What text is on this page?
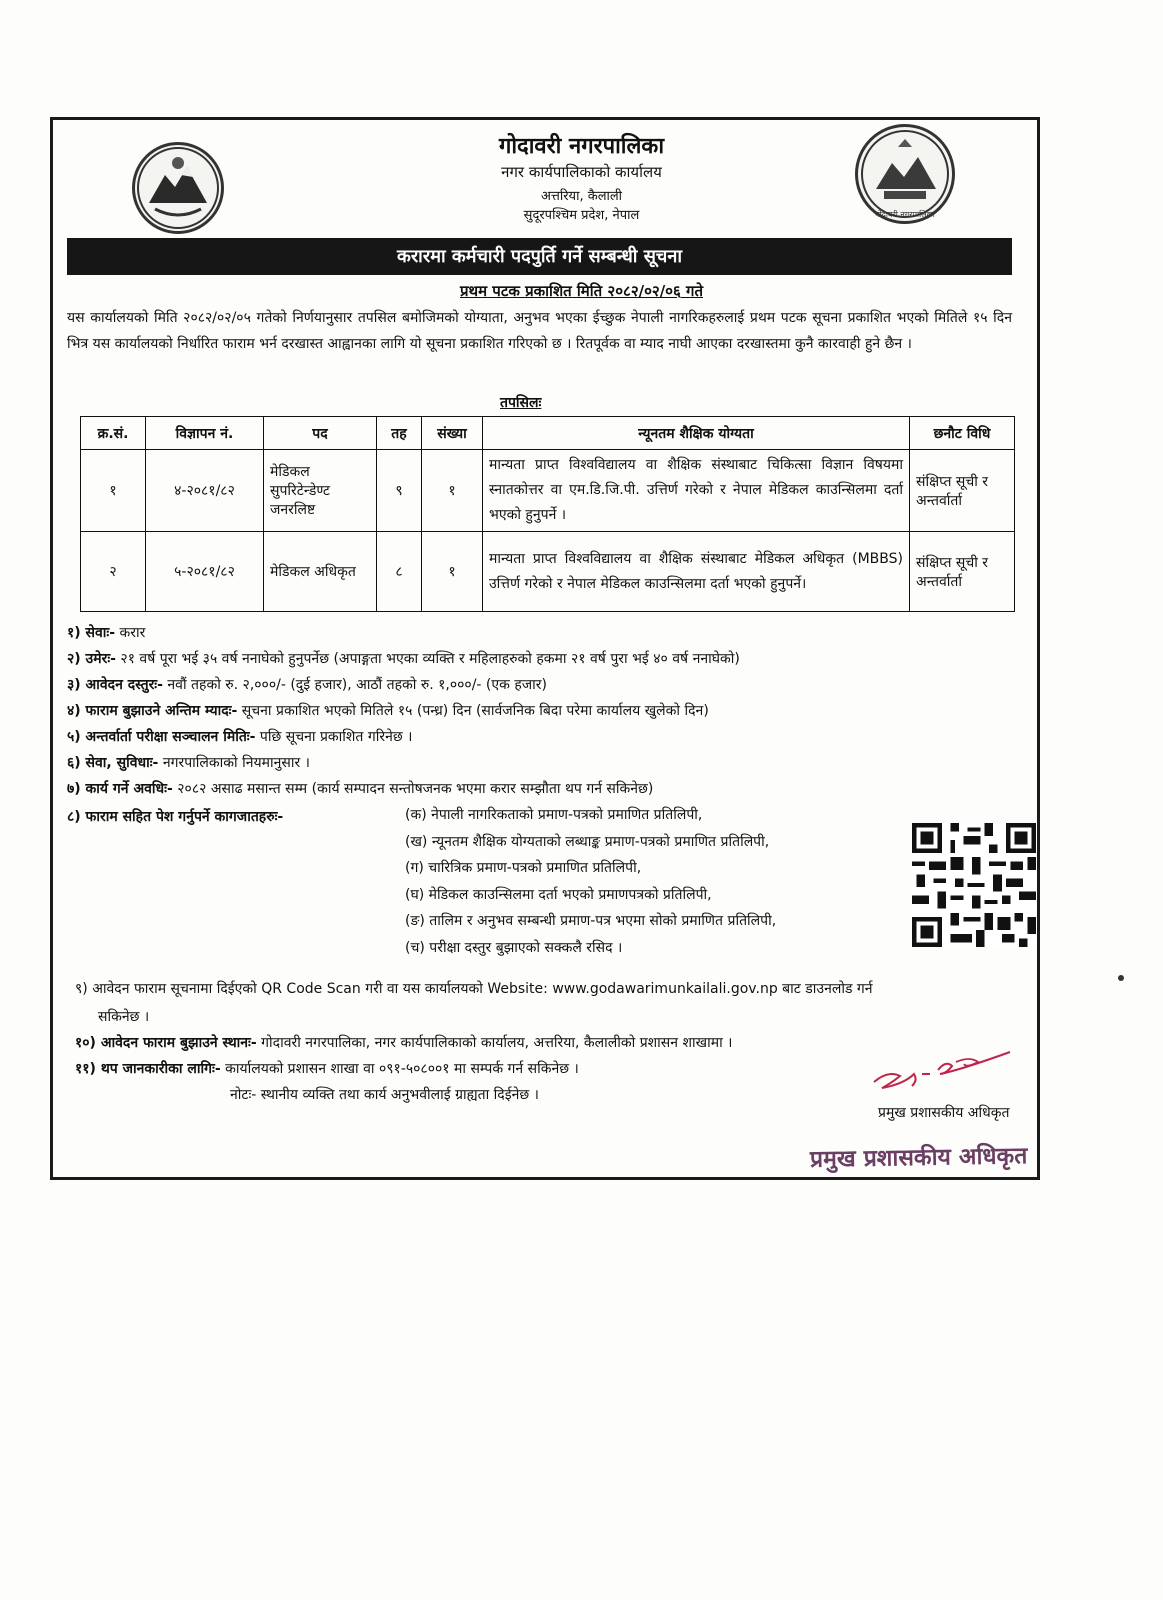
गोदावरी नगरपालिका
गोदावरी नगरपालिका
नगर कार्यपालिकाको कार्यालय
अत्तरिया, कैलाली
सुदूरपश्चिम प्रदेश, नेपाल
करारमा कर्मचारी पदपुर्ति गर्ने सम्बन्धी सूचना
प्रथम पटक प्रकाशित मिति २०८२/०२/०६ गते
यस कार्यालयको मिति २०८२/०२/०५ गतेको निर्णयानुसार तपसिल बमोजिमको योग्याता, अनुभव भएका ईच्छुक नेपाली नागरिकहरुलाई प्रथम पटक सूचना प्रकाशित भएको मितिले १५ दिन भित्र यस कार्यालयको निर्धारित फाराम भर्न दरखास्त आह्वानका लागि यो सूचना प्रकाशित गरिएको छ । रितपूर्वक वा म्याद नाघी आएका दरखास्तमा कुनै कारवाही हुने छैन ।
तपसिलः
क्र.सं.	विज्ञापन नं.	पद	तह	संख्या	न्यूनतम शैक्षिक योग्यता	छनौट विधि
१	४-२०८१/८२	मेडिकल सुपरिटेन्डेण्ट जनरलिष्ट	९	१	मान्यता प्राप्त विश्वविद्यालय वा शैक्षिक संस्थाबाट चिकित्सा विज्ञान विषयमा स्नातकोत्तर वा एम.डि.जि.पी. उत्तिर्ण गरेको र नेपाल मेडिकल काउन्सिलमा दर्ता भएको हुनुपर्ने ।	संक्षिप्त सूची र अन्तर्वार्ता
२	५-२०८१/८२	मेडिकल अधिकृत	८	१	मान्यता प्राप्त विश्वविद्यालय वा शैक्षिक संस्थाबाट मेडिकल अधिकृत (MBBS) उत्तिर्ण गरेको र नेपाल मेडिकल काउन्सिलमा दर्ता भएको हुनुपर्ने।	संक्षिप्त सूची र अन्तर्वार्ता
१) सेवाः- करार
२) उमेरः- २१ वर्ष पूरा भई ३५ वर्ष ननाघेको हुनुपर्नेछ (अपाङ्गता भएका व्यक्ति र महिलाहरुको हकमा २१ वर्ष पुरा भई ४० वर्ष ननाघेको)
३) आवेदन दस्तुरः- नवौं तहको रु. २,०००/- (दुई हजार), आठौं तहको रु. १,०००/- (एक हजार)
४) फाराम बुझाउने अन्तिम म्यादः- सूचना प्रकाशित भएको मितिले १५ (पन्ध्र) दिन (सार्वजनिक बिदा परेमा कार्यालय खुलेको दिन)
५) अन्तर्वार्ता परीक्षा सञ्चालन मितिः- पछि सूचना प्रकाशित गरिनेछ ।
६) सेवा, सुविधाः- नगरपालिकाको नियमानुसार ।
७) कार्य गर्ने अवधिः- २०८२ असाढ मसान्त सम्म (कार्य सम्पादन सन्तोषजनक भएमा करार सम्झौता थप गर्न सकिनेछ)
८) फाराम सहित पेश गर्नुपर्ने कागजातहरुः-	(क) नेपाली नागरिकताको प्रमाण-पत्रको प्रमाणित प्रतिलिपी,
(ख) न्यूनतम शैक्षिक योग्यताको लब्धाङ्क प्रमाण-पत्रको प्रमाणित प्रतिलिपी,
(ग) चारित्रिक प्रमाण-पत्रको प्रमाणित प्रतिलिपी,
(घ) मेडिकल काउन्सिलमा दर्ता भएको प्रमाणपत्रको प्रतिलिपी,
(ङ) तालिम र अनुभव सम्बन्धी प्रमाण-पत्र भएमा सोको प्रमाणित प्रतिलिपी,
(च) परीक्षा दस्तुर बुझाएको सक्कलै रसिद ।
९) आवेदन फाराम सूचनामा दिईएको QR Code Scan गरी वा यस कार्यालयको Website: www.godawarimunkailali.gov.np बाट डाउनलोड गर्न
सकिनेछ ।
१०) आवेदन फाराम बुझाउने स्थानः- गोदावरी नगरपालिका, नगर कार्यपालिकाको कार्यालय, अत्तरिया, कैलालीको प्रशासन शाखामा ।
११) थप जानकारीका लागिः- कार्यालयको प्रशासन शाखा वा ०९१-५०८००१ मा सम्पर्क गर्न सकिनेछ ।
नोटः- स्थानीय व्यक्ति तथा कार्य अनुभवीलाई ग्राह्यता दिईनेछ ।
प्रमुख प्रशासकीय अधिकृत
प्रमुख प्रशासकीय अधिकृत
